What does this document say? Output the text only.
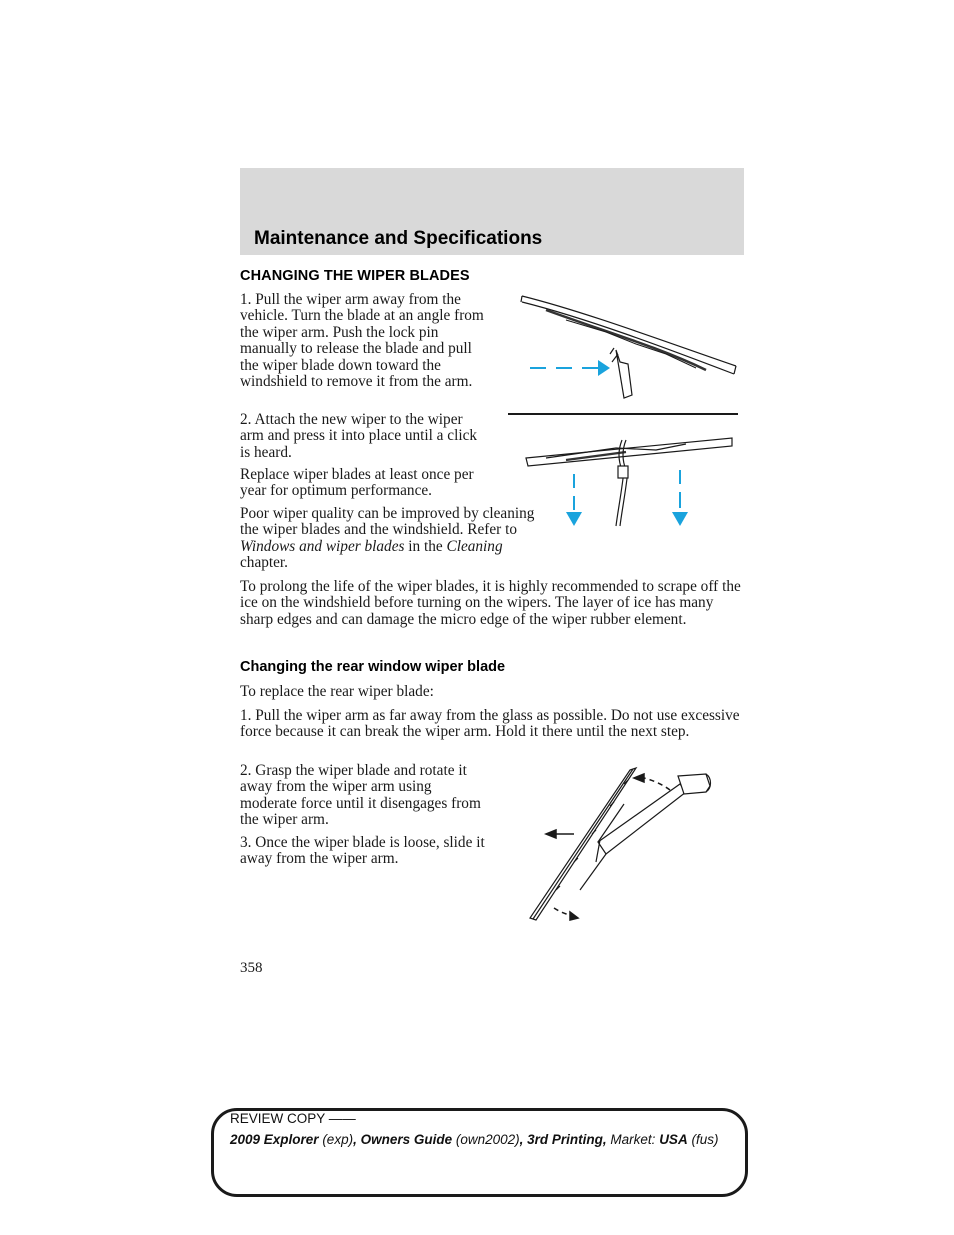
Maintenance and Specifications
CHANGING THE WIPER BLADES

1. Pull the wiper arm away from the vehicle. Turn the blade at an angle from the wiper arm. Push the lock pin manually to release the blade and pull the wiper blade down toward the windshield to remove it from the arm.

2. Attach the new wiper to the wiper arm and press it into place until a click is heard.

Replace wiper blades at least once per year for optimum performance.

Poor wiper quality can be improved by cleaning the wiper blades and the windshield. Refer to Windows and wiper blades in the Cleaning chapter.

To prolong the life of the wiper blades, it is highly recommended to scrape off the ice on the windshield before turning on the wipers. The layer of ice has many sharp edges and can damage the micro edge of the wiper rubber element.

Changing the rear window wiper blade

To replace the rear wiper blade:

1. Pull the wiper arm as far away from the glass as possible. Do not use excessive force because it can break the wiper arm. Hold it there until the next step.

2. Grasp the wiper blade and rotate it away from the wiper arm using moderate force until it disengages from the wiper arm.

3. Once the wiper blade is loose, slide it away from the wiper arm.

358
REVIEW COPY ——
2009 Explorer (exp), Owners Guide (own2002), 3rd Printing, Market: USA (fus)
